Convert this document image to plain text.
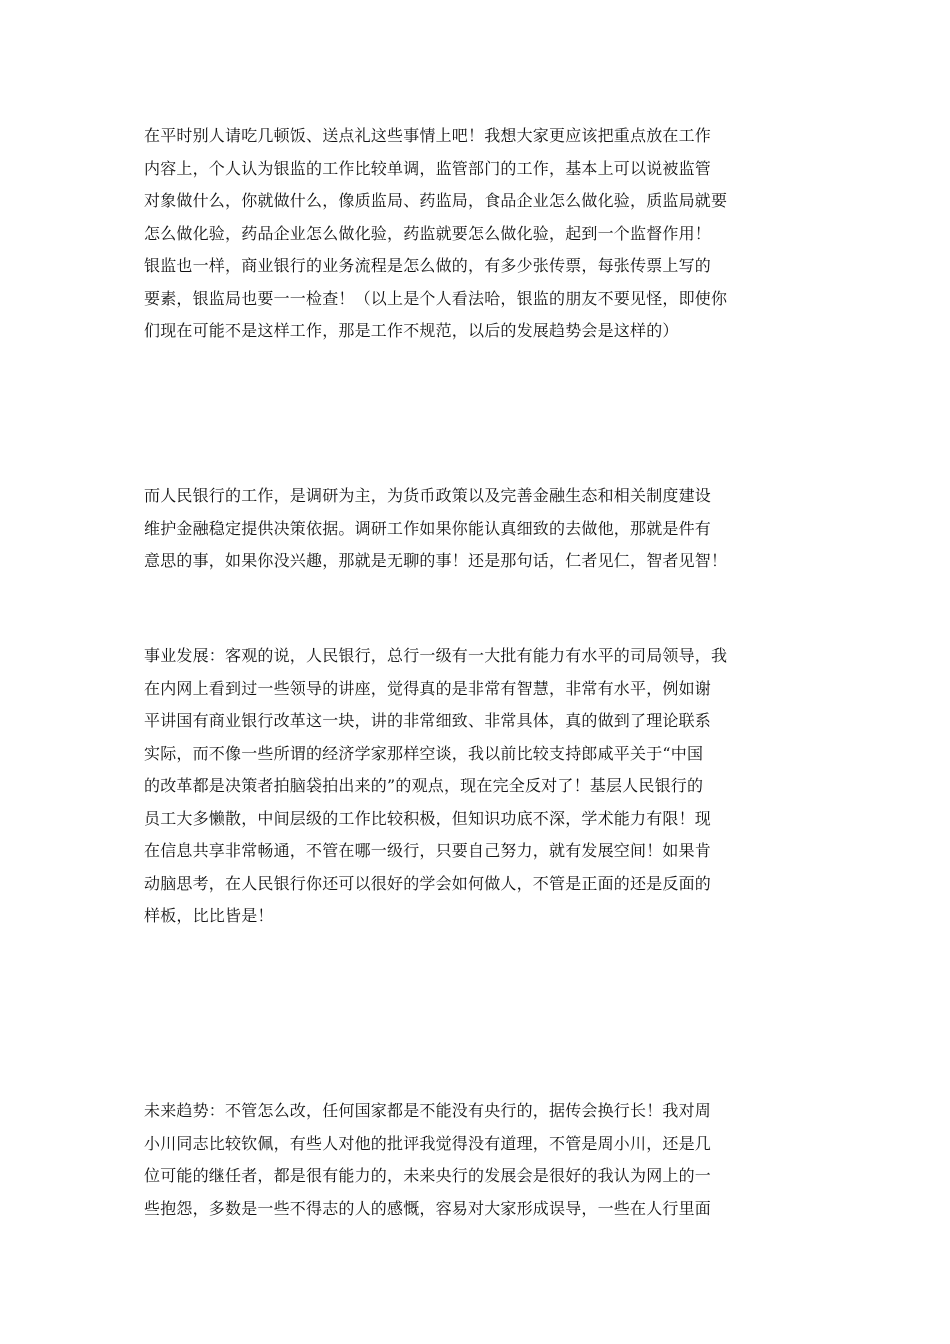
在平时别人请吃几顿饭、送点礼这些事情上吧！我想大家更应该把重点放在工作
内容上，个人认为银监的工作比较单调，监管部门的工作，基本上可以说被监管
对象做什么，你就做什么，像质监局、药监局，食品企业怎么做化验，质监局就要
怎么做化验，药品企业怎么做化验，药监就要怎么做化验，起到一个监督作用！
银监也一样，商业银行的业务流程是怎么做的，有多少张传票，每张传票上写的
要素，银监局也要一一检查！（以上是个人看法哈，银监的朋友不要见怪，即使你
们现在可能不是这样工作，那是工作不规范，以后的发展趋势会是这样的）

而人民银行的工作，是调研为主，为货币政策以及完善金融生态和相关制度建设
维护金融稳定提供决策依据。调研工作如果你能认真细致的去做他，那就是件有
意思的事，如果你没兴趣，那就是无聊的事！还是那句话，仁者见仁，智者见智！

事业发展：客观的说，人民银行，总行一级有一大批有能力有水平的司局领导，我
在内网上看到过一些领导的讲座，觉得真的是非常有智慧，非常有水平，例如谢
平讲国有商业银行改革这一块，讲的非常细致、非常具体，真的做到了理论联系
实际，而不像一些所谓的经济学家那样空谈，我以前比较支持郎咸平关于“中国
的改革都是决策者拍脑袋拍出来的”的观点，现在完全反对了！基层人民银行的
员工大多懒散，中间层级的工作比较积极，但知识功底不深，学术能力有限！现
在信息共享非常畅通，不管在哪一级行，只要自己努力，就有发展空间！如果肯
动脑思考，在人民银行你还可以很好的学会如何做人，不管是正面的还是反面的
样板，比比皆是！

未来趋势：不管怎么改，任何国家都是不能没有央行的，据传会换行长！我对周
小川同志比较钦佩，有些人对他的批评我觉得没有道理，不管是周小川，还是几
位可能的继任者，都是很有能力的，未来央行的发展会是很好的我认为网上的一
些抱怨，多数是一些不得志的人的感慨，容易对大家形成误导，一些在人行里面
